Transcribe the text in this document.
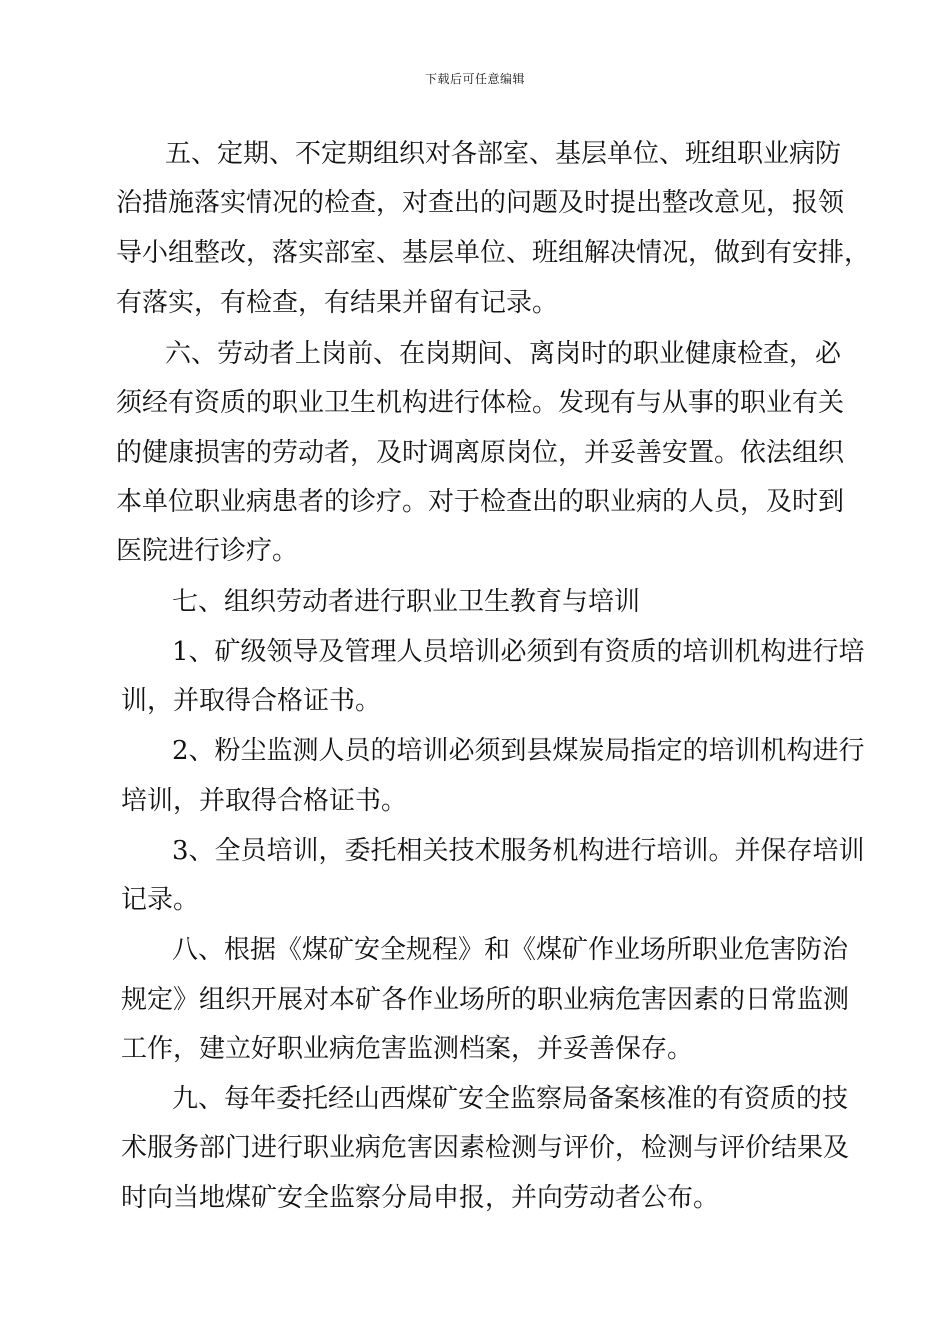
下载后可任意编辑
五、定期、不定期组织对各部室、基层单位、班组职业病防
治措施落实情况的检查，对查出的问题及时提出整改意见，报领
导小组整改，落实部室、基层单位、班组解决情况，做到有安排，
有落实，有检查，有结果并留有记录。
六、劳动者上岗前、在岗期间、离岗时的职业健康检查，必
须经有资质的职业卫生机构进行体检。发现有与从事的职业有关
的健康损害的劳动者，及时调离原岗位，并妥善安置。依法组织
本单位职业病患者的诊疗。对于检查出的职业病的人员，及时到
医院进行诊疗。
七、组织劳动者进行职业卫生教育与培训
1、矿级领导及管理人员培训必须到有资质的培训机构进行培
训，并取得合格证书。
2、粉尘监测人员的培训必须到县煤炭局指定的培训机构进行
培训，并取得合格证书。
3、全员培训，委托相关技术服务机构进行培训。并保存培训
记录。
八、根据《煤矿安全规程》和《煤矿作业场所职业危害防治
规定》组织开展对本矿各作业场所的职业病危害因素的日常监测
工作，建立好职业病危害监测档案，并妥善保存。
九、每年委托经山西煤矿安全监察局备案核准的有资质的技
术服务部门进行职业病危害因素检测与评价，检测与评价结果及
时向当地煤矿安全监察分局申报，并向劳动者公布。
